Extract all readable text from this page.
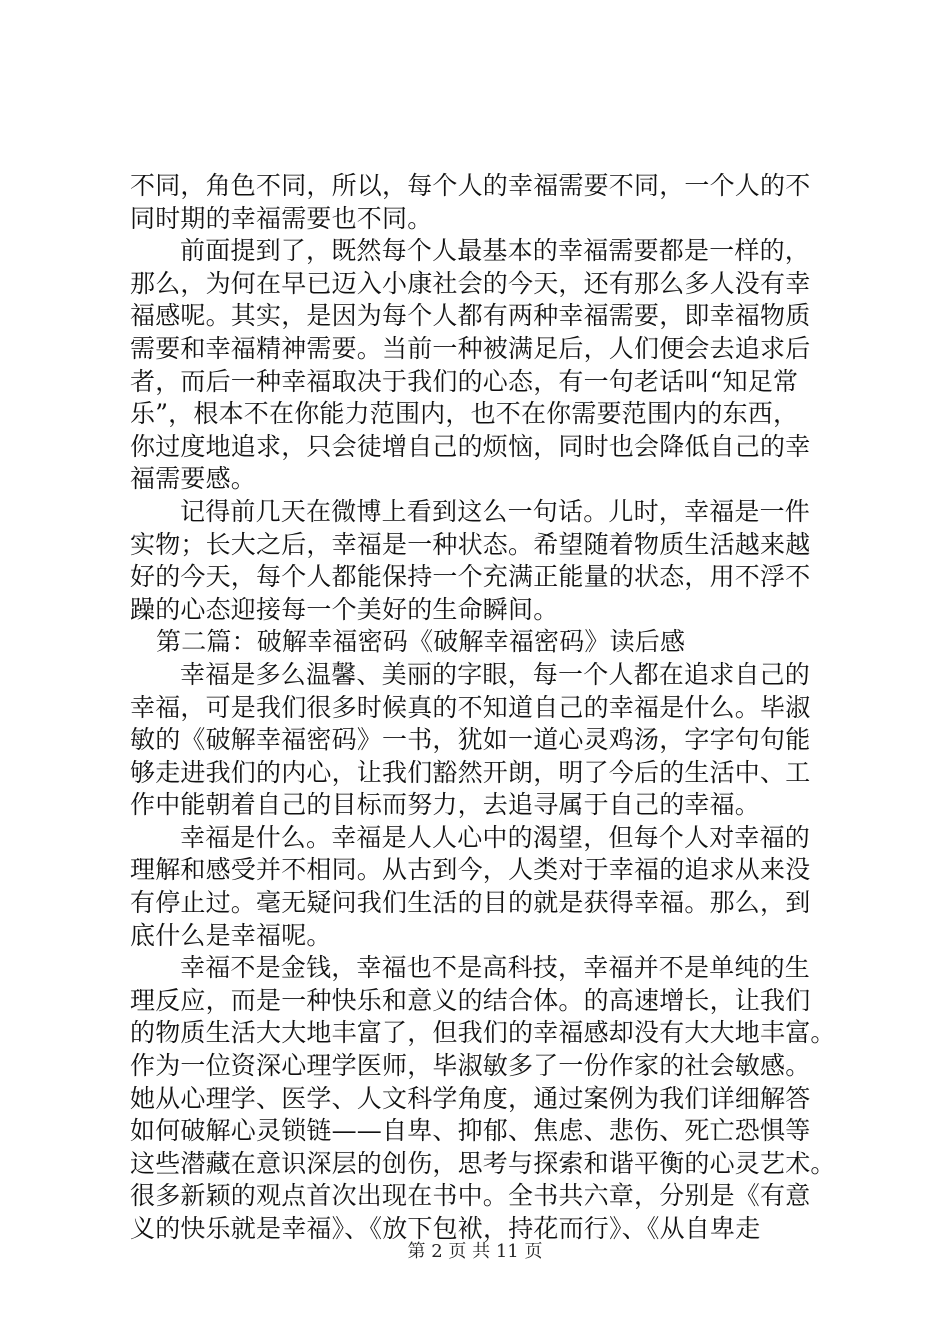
不同，角色不同，所以，每个人的幸福需要不同，一个人的不
同时期的幸福需要也不同。
前面提到了，既然每个人最基本的幸福需要都是一样的，
那么，为何在早已迈入小康社会的今天，还有那么多人没有幸
福感呢。其实，是因为每个人都有两种幸福需要，即幸福物质
需要和幸福精神需要。当前一种被满足后，人们便会去追求后
者，而后一种幸福取决于我们的心态，有一句老话叫“知足常
乐”，根本不在你能力范围内，也不在你需要范围内的东西，
你过度地追求，只会徒增自己的烦恼，同时也会降低自己的幸
福需要感。
记得前几天在微博上看到这么一句话。儿时，幸福是一件
实物；长大之后，幸福是一种状态。希望随着物质生活越来越
好的今天，每个人都能保持一个充满正能量的状态，用不浮不
躁的心态迎接每一个美好的生命瞬间。
第二篇：破解幸福密码《破解幸福密码》读后感
幸福是多么温馨、美丽的字眼，每一个人都在追求自己的
幸福，可是我们很多时候真的不知道自己的幸福是什么。毕淑
敏的《破解幸福密码》一书，犹如一道心灵鸡汤，字字句句能
够走进我们的内心，让我们豁然开朗，明了今后的生活中、工
作中能朝着自己的目标而努力，去追寻属于自己的幸福。
幸福是什么。幸福是人人心中的渴望，但每个人对幸福的
理解和感受并不相同。从古到今，人类对于幸福的追求从来没
有停止过。毫无疑问我们生活的目的就是获得幸福。那么，到
底什么是幸福呢。
幸福不是金钱，幸福也不是高科技，幸福并不是单纯的生
理反应，而是一种快乐和意义的结合体。的高速增长，让我们
的物质生活大大地丰富了，但我们的幸福感却没有大大地丰富。
作为一位资深心理学医师，毕淑敏多了一份作家的社会敏感。
她从心理学、医学、人文科学角度，通过案例为我们详细解答
如何破解心灵锁链——自卑、抑郁、焦虑、悲伤、死亡恐惧等
这些潜藏在意识深层的创伤，思考与探索和谐平衡的心灵艺术。
很多新颖的观点首次出现在书中。全书共六章，分别是《有意
义的快乐就是幸福》、《放下包袱，持花而行》、《从自卑走
第 2 页 共 11 页
